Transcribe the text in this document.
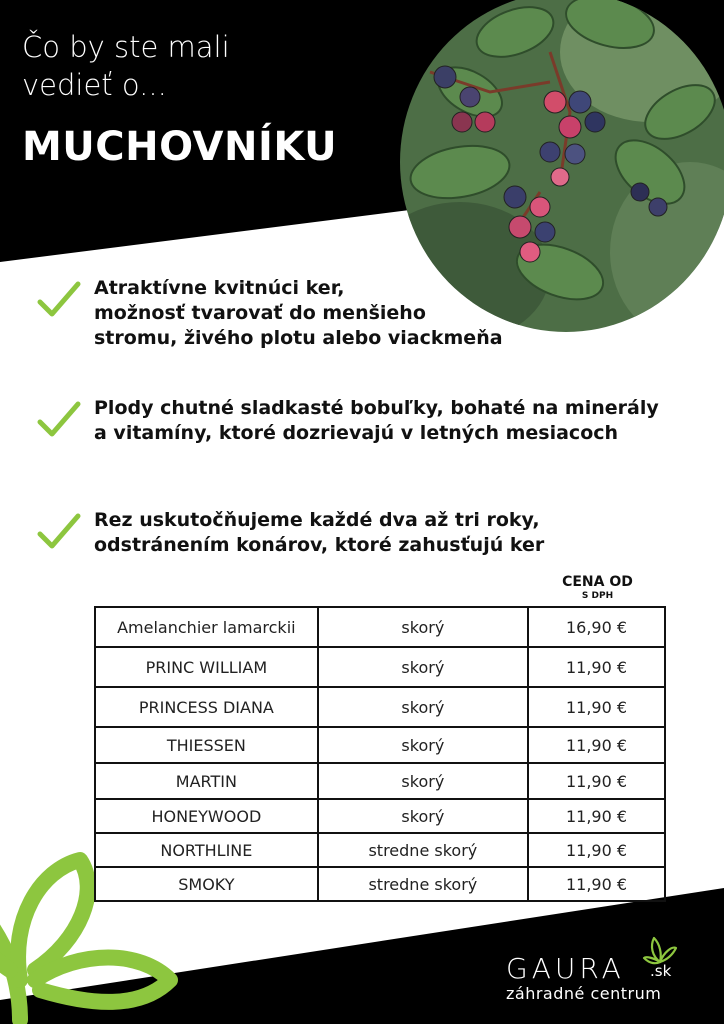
Čo by ste mali
vedieť o...
MUCHOVNÍKU
Atraktívne kvitnúci ker,
možnosť tvarovať do menšieho
stromu, živého plotu alebo viackmeňa
Plody chutné sladkasté bobuľky, bohaté na minerály
a vitamíny, ktoré dozrievajú v letných mesiacoch
Rez uskutočňujeme každé dva až tri roky,
odstránením konárov, ktoré zahusťujú ker
CENA OD
S DPH
Amelanchier lamarckii	skorý	16,90 €
PRINC WILLIAM	skorý	11,90 €
PRINCESS DIANA	skorý	11,90 €
THIESSEN	skorý	11,90 €
MARTIN	skorý	11,90 €
HONEYWOOD	skorý	11,90 €
NORTHLINE	stredne skorý	11,90 €
SMOKY	stredne skorý	11,90 €
GAURA .sk
záhradné centrum
